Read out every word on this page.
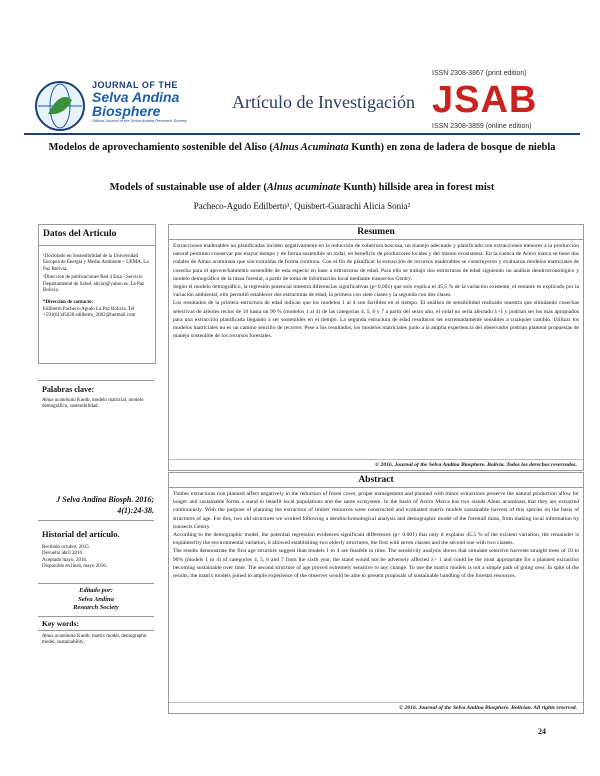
JOURNAL OF THE
Selva Andina
Biosphere
Official Journal of the Selva Andina Research Society
Artículo de Investigación
ISSN 2308-3867 (print edition)
JSAB
ISSN 2308-3859 (online edition)
Modelos de aprovechamiento sostenible del Aliso (Alnus Acuminata Kunth) en zona de ladera de bosque de niebla
Models of sustainable use of alder (Alnus acuminate Kunth) hillside area in forest mist
Pacheco-Agudo Edilberto¹, Quisbert-Guarachi Alicia Sonia²
Datos del Articulo
¹Doctorado en Sostenibilidad de la Universidad Europea de Energía y Medio Ambiente – UEMA. La Paz Bolivia.
²Dirección de publicaciones Red 4 Esta - Servicio Departamental de Salud. alicial@yahoo.es. La Paz Bolivia.
*Dirección de contacto:
Edilberto Pacheco-Agudo La Paz Bolivia. Tel +591(61)45628 edilberto_2002@hotmail.com
Palabras clave:
Alnus acuminata Kunth, modelo matricial, modelo demográfico, sostenibilidad.
J Selva Andina Biosph. 2016; 4(1):24-38.
Historial del artículo.
Recibido octubre, 2015.
Devuelto abril 2016
Aceptado mayo, 2016.
Disponible en línea, mayo 2016.
Editado por:
Selva Andina
Research Society
Key words:
Alnus acuminata Kunth, matrix model, demographic model, sustainability.
Resumen
Extracciones maderables no planificadas inciden negativamente en la reducción de cobertura boscosa, un manejo adecuado y planificado con extracciones menores a la producción natural permiten conservar por mayor tiempo y de forma sostenible un rodal, en beneficio de productores locales y del mismo ecosistema. En la cuenca de Acero marca se tiene dos rodales de Alnus acuminata que son extraídas de forma continua. Con el fin de planificar la extracción de recursos maderables se construyeron y evaluaron modelos matriciales de cosecha para el aprovechamiento sostenible de esta especie en base a estructuras de edad. Para ello se trabajó dos estructuras de edad siguiendo un análisis dendrocronológico y modelo demográfico de la masa forestal, a partir de toma de información local mediante transectos Gentry.
Según el modelo demográfico, la regresión potencial muestra diferencias significativas (p<0,001) que solo explica el 45,5 % de la variación existente, el restante es explicado por la variación ambiental, ello permitió establecer dos estructuras de edad, la primera con siete clases y la segunda con dos clases.
Los resultados de la primera estructura de edad indican que los modelos 1 al 4 son factibles en el tiempo. El análisis de sensibilidad realizado muestra que simulando cosechas selectivas de árboles rectos de 10 hasta un 90 % (modelos 1 al 4) de las categorías 4, 5, 6 y 7 a partir del sexto año, el rodal no sería afectado λ>1 y podrían ser los más apropiados para una extracción planificada llegando a ser sostenibles en el tiempo. La segunda estructura de edad resultaron ser extremadamente sensibles a cualquier cambio. Utilizar los modelos matriciales no es un camino sencillo de recorrer. Pese a los resultados, los modelos matriciales junto a la amplia experiencia del observador podrían plantear propuestas de manejo sostenible de los recursos forestales.
© 2016. Journal of the Selva Andina Biosphere. Bolivia. Todos los derechos reservados.
Abstract
Timber extractions non planned affect negatively in the reduction of forest cover, proper management and planned with minor extractions preserve the natural production allow for longer and sustainable forms a stand to benefit local populations and the same ecosystem. In the basin of Acero Marca has two stands Alnus acuminata that they are extracted continuously. With the purpose of planning the extraction of timber resources were constructed and evaluated matrix models sustainable harvest of this species on the basis of structures of age. For this, two old structures we worked following a dendrochronological analysis and demographic model of the forestall mass, from making local information by transects Gentry.
According to the demographic model, the potential regression evidences significant differences (p< 0.001) that only it explains 45.5 % of the existent variation, the remainder is explained by the environmental variation, it allowed establishing two elderly structures, the first with seven classes and the second one with two classes.
The results demonstrate the first age structure suggest than models 1 to 4 are feasible in time. The sensitivity analysis shows that simulate selective harvests straight trees of 10 to 90% (models 1 to 4) of categories 4, 5, 6 and 7 from the sixth year, the stand would not be adversely affected λ> 1 and could be the most appropriate for a planned extraction becoming sustainable over time. The second structure of age proved extremely sensitive to any change. To use the matrix models is not a simple path of going over. In spite of the results, the matrix models joined to ample experience of the observer would be able to present proposals of sustainable handling of the forestal resources.
© 2016. Journal of the Selva Andina Biosphere. Bolivian. All rights reserved.
24
